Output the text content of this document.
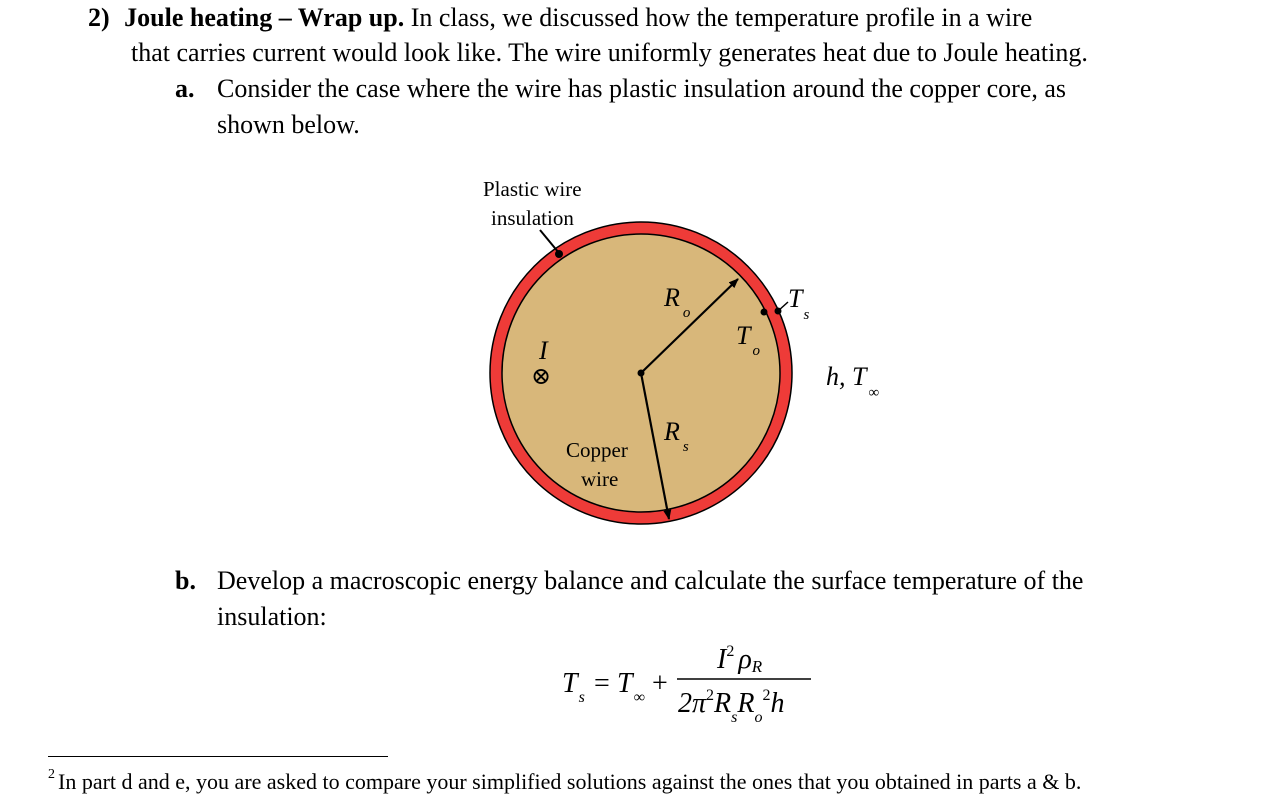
2) Joule heating – Wrap up. In class, we discussed how the temperature profile in a wire
that carries current would look like. The wire uniformly generates heat due to Joule heating.
a. Consider the case where the wire has plastic insulation around the copper core, as
shown below.
Plastic wire
insulation
$R_o$	$T_s$
$T_o$
I
⊗	h, $T_\infty$
$R_s$
Copper
wire
b. Develop a macroscopic energy balance and calculate the surface temperature of the
insulation:
$T_s = T_\infty$ +
$I^2$ ρR
$2\pi^2R_sR_o^2h$
$^2$ In part d and e, you are asked to compare your simplified solutions against the ones that you obtained in parts a & b.
